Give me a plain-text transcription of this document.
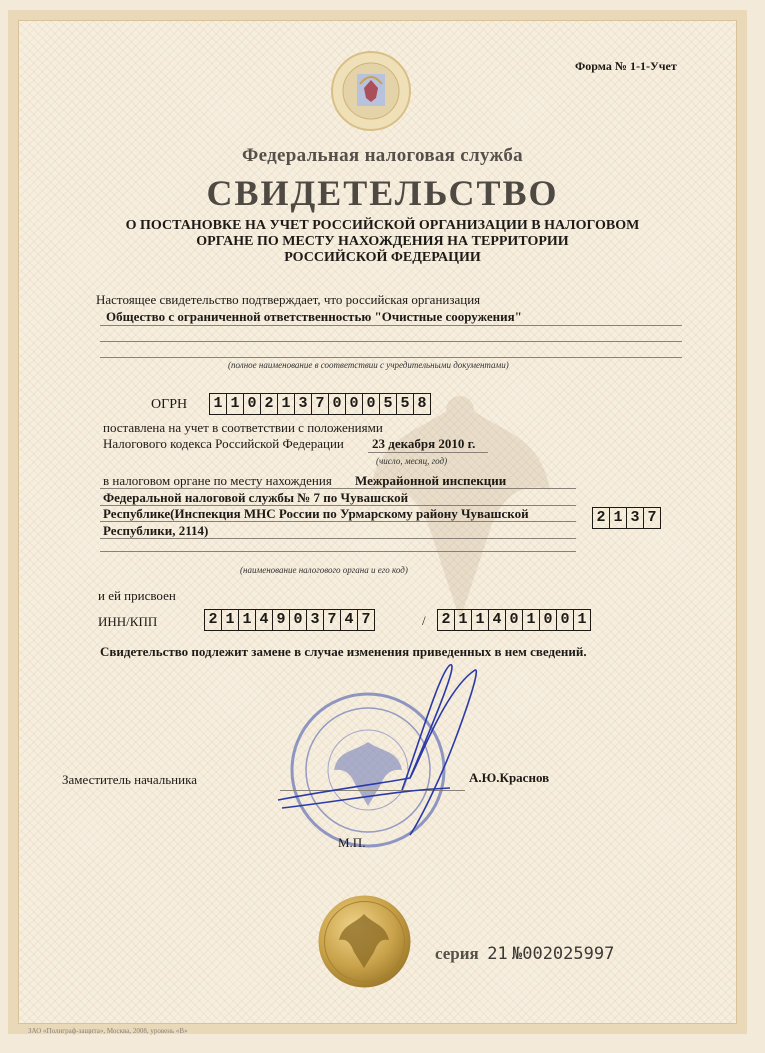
Форма № 1-1-Учет
Федеральная налоговая служба
СВИДЕТЕЛЬСТВО
О ПОСТАНОВКЕ НА УЧЕТ РОССИЙСКОЙ ОРГАНИЗАЦИИ В НАЛОГОВОМ
ОРГАНЕ ПО МЕСТУ НАХОЖДЕНИЯ НА ТЕРРИТОРИИ
РОССИЙСКОЙ ФЕДЕРАЦИИ
Настоящее свидетельство подтверждает, что российская организация
Общество с ограниченной ответственностью "Очистные сооружения"
(полное наименование в соответствии с учредительными документами)
ОГРН 1 1 0 2 1 3 7 0 0 0 5 5 8
поставлена на учет в соответствии с положениями
Налогового кодекса Российской Федерации 23 декабря 2010 г.
(число, месяц, год)
в налоговом органе по месту нахождения Межрайонной инспекции
Федеральной налоговой службы № 7 по Чувашской
Республике(Инспекция МНС России по Урмарскому району Чувашской
Республики, 2114)
2 1 3 7
(наименование налогового органа и его код)
и ей присвоен
ИНН/КПП	2 1 1 4 9 0 3 7 4 7	/ 2 1 1 4 0 1 0 0 1
Свидетельство подлежит замене в случае изменения приведенных в нем сведений.
Заместитель начальника	А.Ю.Краснов
М.П.
серия 21 №002025997
ЗАО «Полиграф-защита», Москва, 2008, уровень «В»
